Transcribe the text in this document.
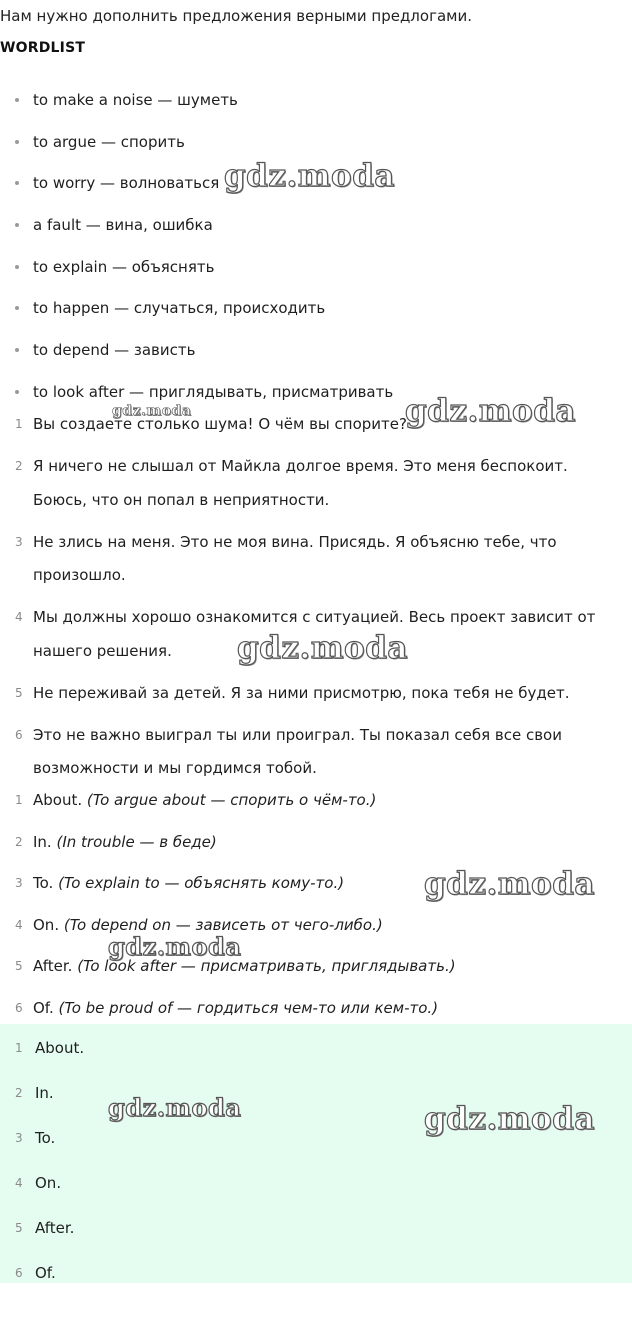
Нам нужно дополнить предложения верными предлогами.
WORDLIST
to make a noise — шуметь
to argue — спорить
to worry — волноваться
a fault — вина, ошибка
to explain — объяснять
to happen — случаться, происходить
to depend — зависть
to look after — приглядывать, присматривать
1 Вы создаете столько шума! О чём вы спорите?
2 Я ничего не слышал от Майкла долгое время. Это меня беспокоит. Боюсь, что он попал в неприятности.
3 Не злись на меня. Это не моя вина. Присядь. Я объясню тебе, что произошло.
4 Мы должны хорошо ознакомится с ситуацией. Весь проект зависит от нашего решения.
5 Не переживай за детей. Я за ними присмотрю, пока тебя не будет.
6 Это не важно выиграл ты или проиграл. Ты показал себя все свои возможности и мы гордимся тобой.
1 About. (To argue about — спорить о чём-то.)
2 In. (In trouble — в беде)
3 To. (To explain to — объяснять кому-то.)
4 On. (To depend on — зависеть от чего-либо.)
5 After. (To look after — присматривать, приглядывать.)
6 Of. (To be proud of — гордиться чем-то или кем-то.)
1 About.
2 In.
3 To.
4 On.
5 After.
6 Of.
gdz.moda
gdz.moda	gdz.moda
gdz.moda
gdz.moda
gdz.moda
gdz.moda	gdz.moda
